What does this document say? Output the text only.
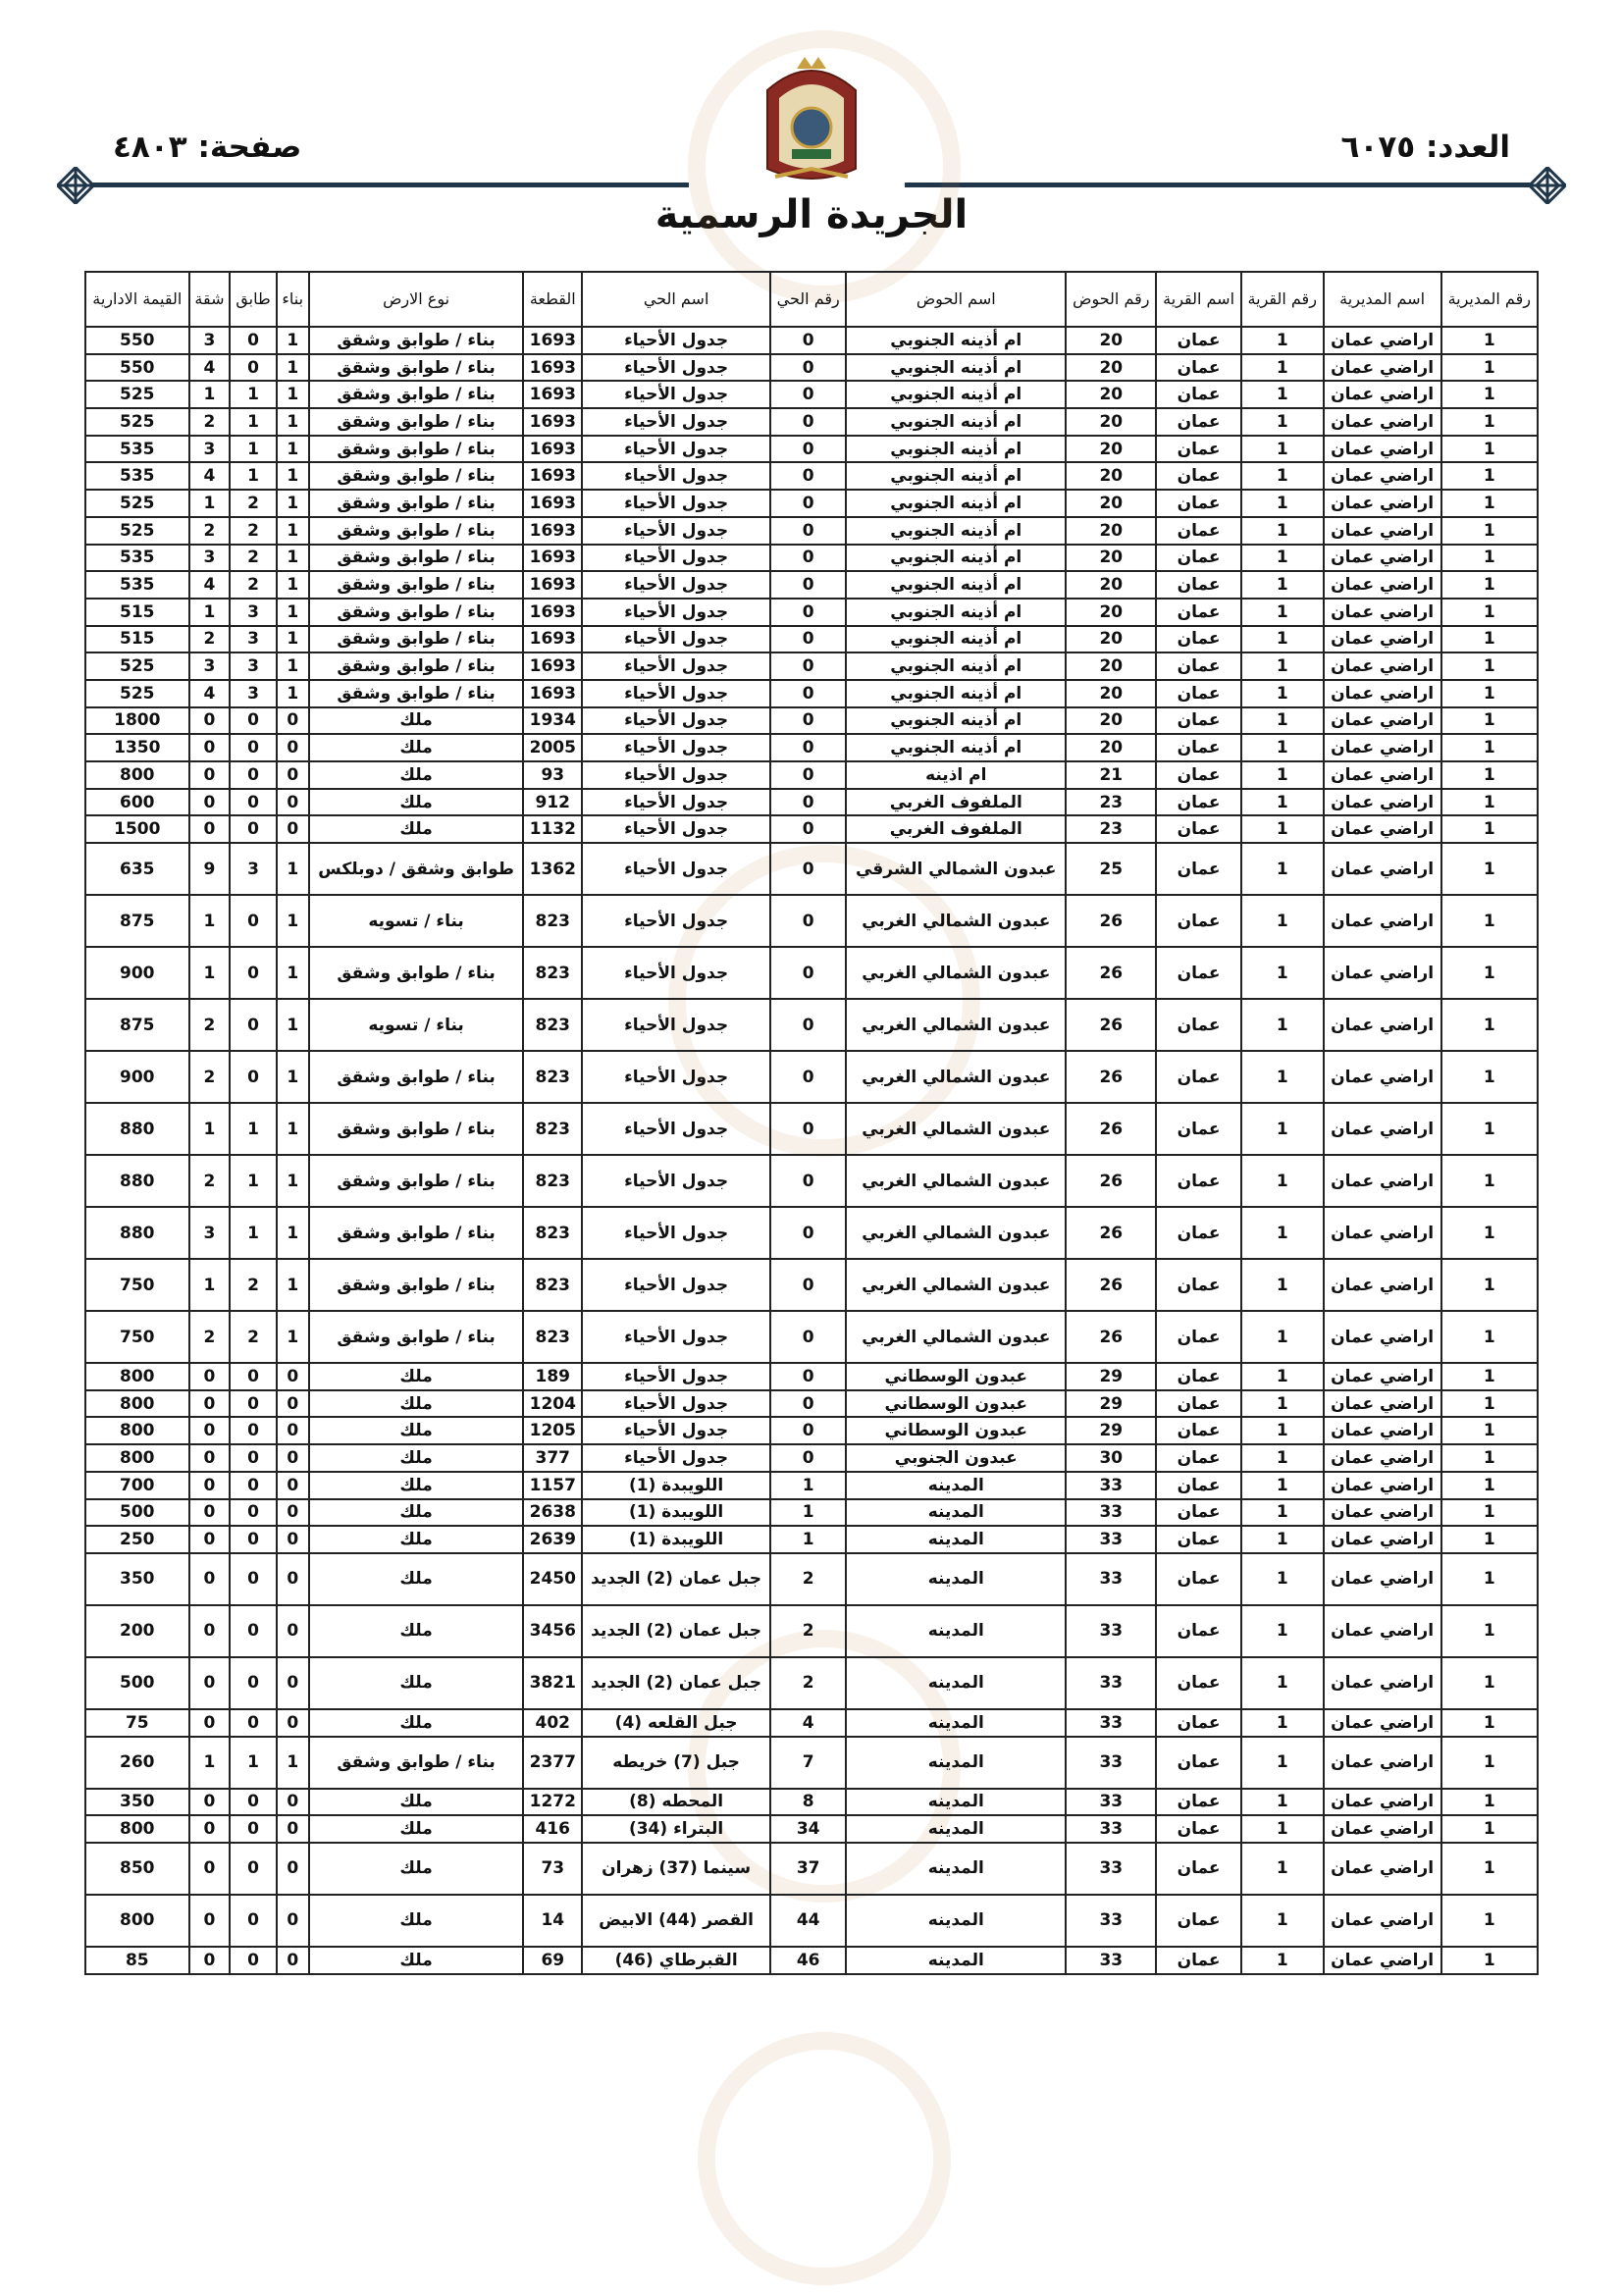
العدد: ٦٠٧٥
صفحة: ٤٨٠٣
الجريدة الرسمية
رقم المديرية	اسم المديرية	رقم القرية	اسم القرية	رقم الحوض	اسم الحوض	رقم الحي	اسم الحي	القطعة	نوع الارض	بناء	طابق	شقة	القيمة الادارية
1	اراضي عمان	1	عمان	20	ام أذينه الجنوبي	0	جدول الأحياء	1693	بناء / طوابق وشقق	1	0	3	550
1	اراضي عمان	1	عمان	20	ام أذينه الجنوبي	0	جدول الأحياء	1693	بناء / طوابق وشقق	1	0	4	550
1	اراضي عمان	1	عمان	20	ام أذينه الجنوبي	0	جدول الأحياء	1693	بناء / طوابق وشقق	1	1	1	525
1	اراضي عمان	1	عمان	20	ام أذينه الجنوبي	0	جدول الأحياء	1693	بناء / طوابق وشقق	1	1	2	525
1	اراضي عمان	1	عمان	20	ام أذينه الجنوبي	0	جدول الأحياء	1693	بناء / طوابق وشقق	1	1	3	535
1	اراضي عمان	1	عمان	20	ام أذينه الجنوبي	0	جدول الأحياء	1693	بناء / طوابق وشقق	1	1	4	535
1	اراضي عمان	1	عمان	20	ام أذينه الجنوبي	0	جدول الأحياء	1693	بناء / طوابق وشقق	1	2	1	525
1	اراضي عمان	1	عمان	20	ام أذينه الجنوبي	0	جدول الأحياء	1693	بناء / طوابق وشقق	1	2	2	525
1	اراضي عمان	1	عمان	20	ام أذينه الجنوبي	0	جدول الأحياء	1693	بناء / طوابق وشقق	1	2	3	535
1	اراضي عمان	1	عمان	20	ام أذينه الجنوبي	0	جدول الأحياء	1693	بناء / طوابق وشقق	1	2	4	535
1	اراضي عمان	1	عمان	20	ام أذينه الجنوبي	0	جدول الأحياء	1693	بناء / طوابق وشقق	1	3	1	515
1	اراضي عمان	1	عمان	20	ام أذينه الجنوبي	0	جدول الأحياء	1693	بناء / طوابق وشقق	1	3	2	515
1	اراضي عمان	1	عمان	20	ام أذينه الجنوبي	0	جدول الأحياء	1693	بناء / طوابق وشقق	1	3	3	525
1	اراضي عمان	1	عمان	20	ام أذينه الجنوبي	0	جدول الأحياء	1693	بناء / طوابق وشقق	1	3	4	525
1	اراضي عمان	1	عمان	20	ام أذينه الجنوبي	0	جدول الأحياء	1934	ملك	0	0	0	1800
1	اراضي عمان	1	عمان	20	ام أذينه الجنوبي	0	جدول الأحياء	2005	ملك	0	0	0	1350
1	اراضي عمان	1	عمان	21	ام اذينه	0	جدول الأحياء	93	ملك	0	0	0	800
1	اراضي عمان	1	عمان	23	الملفوف الغربي	0	جدول الأحياء	912	ملك	0	0	0	600
1	اراضي عمان	1	عمان	23	الملفوف الغربي	0	جدول الأحياء	1132	ملك	0	0	0	1500
1	اراضي عمان	1	عمان	25	عبدون الشمالي الشرقي	0	جدول الأحياء	1362	طوابق وشقق / دوبلكس	1	3	9	635
1	اراضي عمان	1	عمان	26	عبدون الشمالي الغربي	0	جدول الأحياء	823	بناء / تسويه	1	0	1	875
1	اراضي عمان	1	عمان	26	عبدون الشمالي الغربي	0	جدول الأحياء	823	بناء / طوابق وشقق	1	0	1	900
1	اراضي عمان	1	عمان	26	عبدون الشمالي الغربي	0	جدول الأحياء	823	بناء / تسويه	1	0	2	875
1	اراضي عمان	1	عمان	26	عبدون الشمالي الغربي	0	جدول الأحياء	823	بناء / طوابق وشقق	1	0	2	900
1	اراضي عمان	1	عمان	26	عبدون الشمالي الغربي	0	جدول الأحياء	823	بناء / طوابق وشقق	1	1	1	880
1	اراضي عمان	1	عمان	26	عبدون الشمالي الغربي	0	جدول الأحياء	823	بناء / طوابق وشقق	1	1	2	880
1	اراضي عمان	1	عمان	26	عبدون الشمالي الغربي	0	جدول الأحياء	823	بناء / طوابق وشقق	1	1	3	880
1	اراضي عمان	1	عمان	26	عبدون الشمالي الغربي	0	جدول الأحياء	823	بناء / طوابق وشقق	1	2	1	750
1	اراضي عمان	1	عمان	26	عبدون الشمالي الغربي	0	جدول الأحياء	823	بناء / طوابق وشقق	1	2	2	750
1	اراضي عمان	1	عمان	29	عبدون الوسطاني	0	جدول الأحياء	189	ملك	0	0	0	800
1	اراضي عمان	1	عمان	29	عبدون الوسطاني	0	جدول الأحياء	1204	ملك	0	0	0	800
1	اراضي عمان	1	عمان	29	عبدون الوسطاني	0	جدول الأحياء	1205	ملك	0	0	0	800
1	اراضي عمان	1	عمان	30	عبدون الجنوبي	0	جدول الأحياء	377	ملك	0	0	0	800
1	اراضي عمان	1	عمان	33	المدينه	1	اللويبدة (1)	1157	ملك	0	0	0	700
1	اراضي عمان	1	عمان	33	المدينه	1	اللويبدة (1)	2638	ملك	0	0	0	500
1	اراضي عمان	1	عمان	33	المدينه	1	اللويبدة (1)	2639	ملك	0	0	0	250
1	اراضي عمان	1	عمان	33	المدينه	2	جبل عمان (2) الجديد	2450	ملك	0	0	0	350
1	اراضي عمان	1	عمان	33	المدينه	2	جبل عمان (2) الجديد	3456	ملك	0	0	0	200
1	اراضي عمان	1	عمان	33	المدينه	2	جبل عمان (2) الجديد	3821	ملك	0	0	0	500
1	اراضي عمان	1	عمان	33	المدينه	4	جبل القلعه (4)	402	ملك	0	0	0	75
1	اراضي عمان	1	عمان	33	المدينه	7	جبل (7) خريطه	2377	بناء / طوابق وشقق	1	1	1	260
1	اراضي عمان	1	عمان	33	المدينه	8	المحطه (8)	1272	ملك	0	0	0	350
1	اراضي عمان	1	عمان	33	المدينه	34	البتراء (34)	416	ملك	0	0	0	800
1	اراضي عمان	1	عمان	33	المدينه	37	سينما (37) زهران	73	ملك	0	0	0	850
1	اراضي عمان	1	عمان	33	المدينه	44	القصر (44) الابيض	14	ملك	0	0	0	800
1	اراضي عمان	1	عمان	33	المدينه	46	القبرطاي (46)	69	ملك	0	0	0	85
